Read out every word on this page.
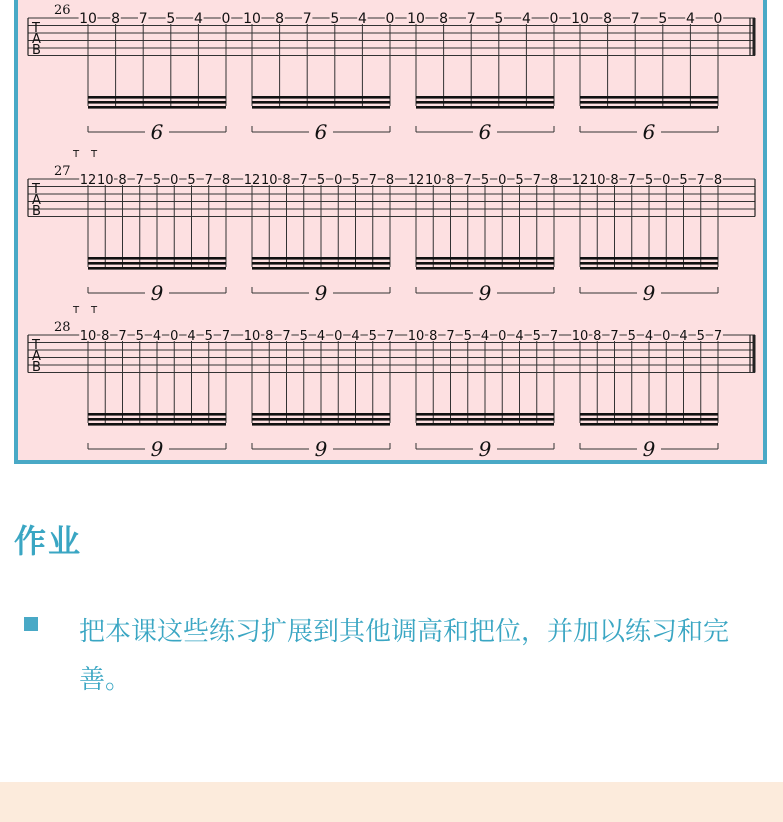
T
A
B
26
10 8 7 5 4 0
6
10 8 7 5 4 0
6
10 8 7 5 4 0
6
10 8 7 5 4 0
6
T
A
B
27
T T
12 10 8 7 5 0 5 7 8
9
12 10 8 7 5 0 5 7 8
9
12 10 8 7 5 0 5 7 8
9
12 10 8 7 5 0 5 7 8
9
T
A
B
28
T T
10 8 7 5 4 0 4 5 7
9
10 8 7 5 4 0 4 5 7
9
10 8 7 5 4 0 4 5 7
9
10 8 7 5 4 0 4 5 7
9
作业

把本课这些练习扩展到其他调高和把位，并加以练习和完善。
